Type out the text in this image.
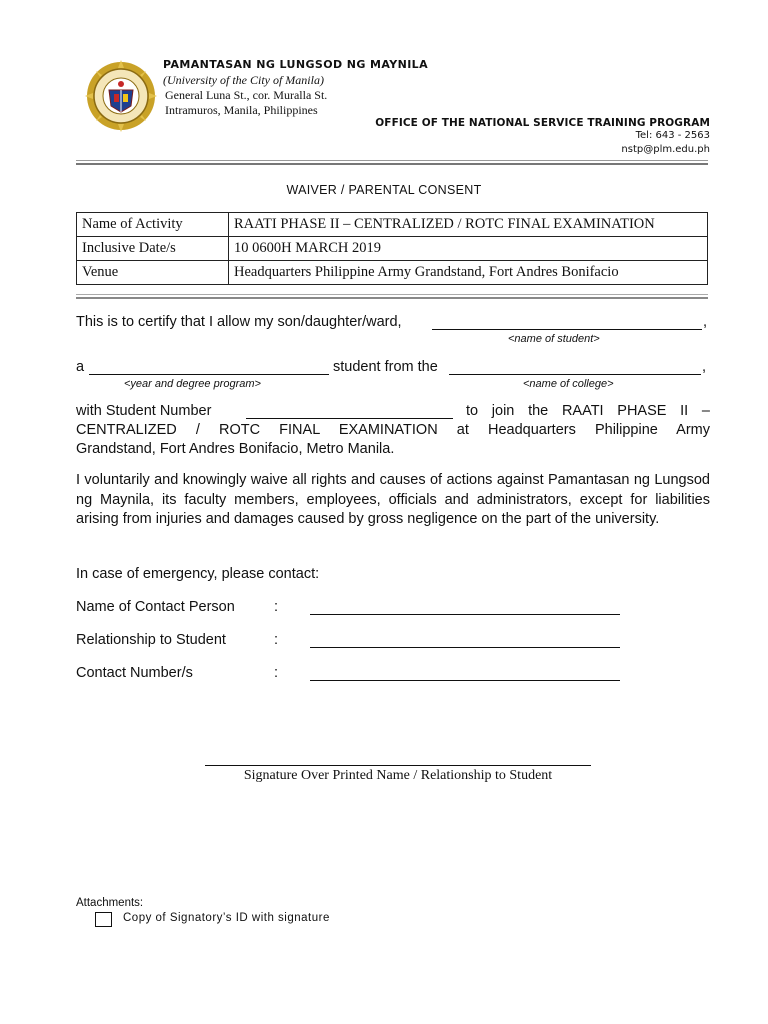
PAMANTASAN NG LUNGSOD NG MAYNILA
(University of the City of Manila)
General Luna St., cor. Muralla St.
Intramuros, Manila, Philippines
OFFICE OF THE NATIONAL SERVICE TRAINING PROGRAM
Tel: 643 - 2563
nstp@plm.edu.ph
WAIVER / PARENTAL CONSENT
Name of Activity	RAATI PHASE II – CENTRALIZED / ROTC FINAL EXAMINATION
Inclusive Date/s	10 0600H MARCH 2019
Venue	Headquarters Philippine Army Grandstand, Fort Andres Bonifacio
This is to certify that I allow my son/daughter/ward,	,
<name of student>
a	student from the	,
<year and degree program>	<name of college>
with Student Number	to join the RAATI PHASE II –
CENTRALIZED / ROTC FINAL EXAMINATION at Headquarters Philippine Army
Grandstand, Fort Andres Bonifacio, Metro Manila.
I voluntarily and knowingly waive all rights and causes of actions against Pamantasan ng Lungsod ng Maynila, its faculty members, employees, officials and administrators, except for liabilities arising from injuries and damages caused by gross negligence on the part of the university.
In case of emergency, please contact:
Name of Contact Person	:
Relationship to Student	:
Contact Number/s	:
Signature Over Printed Name / Relationship to Student
Attachments:
Copy of Signatory’s ID with signature
